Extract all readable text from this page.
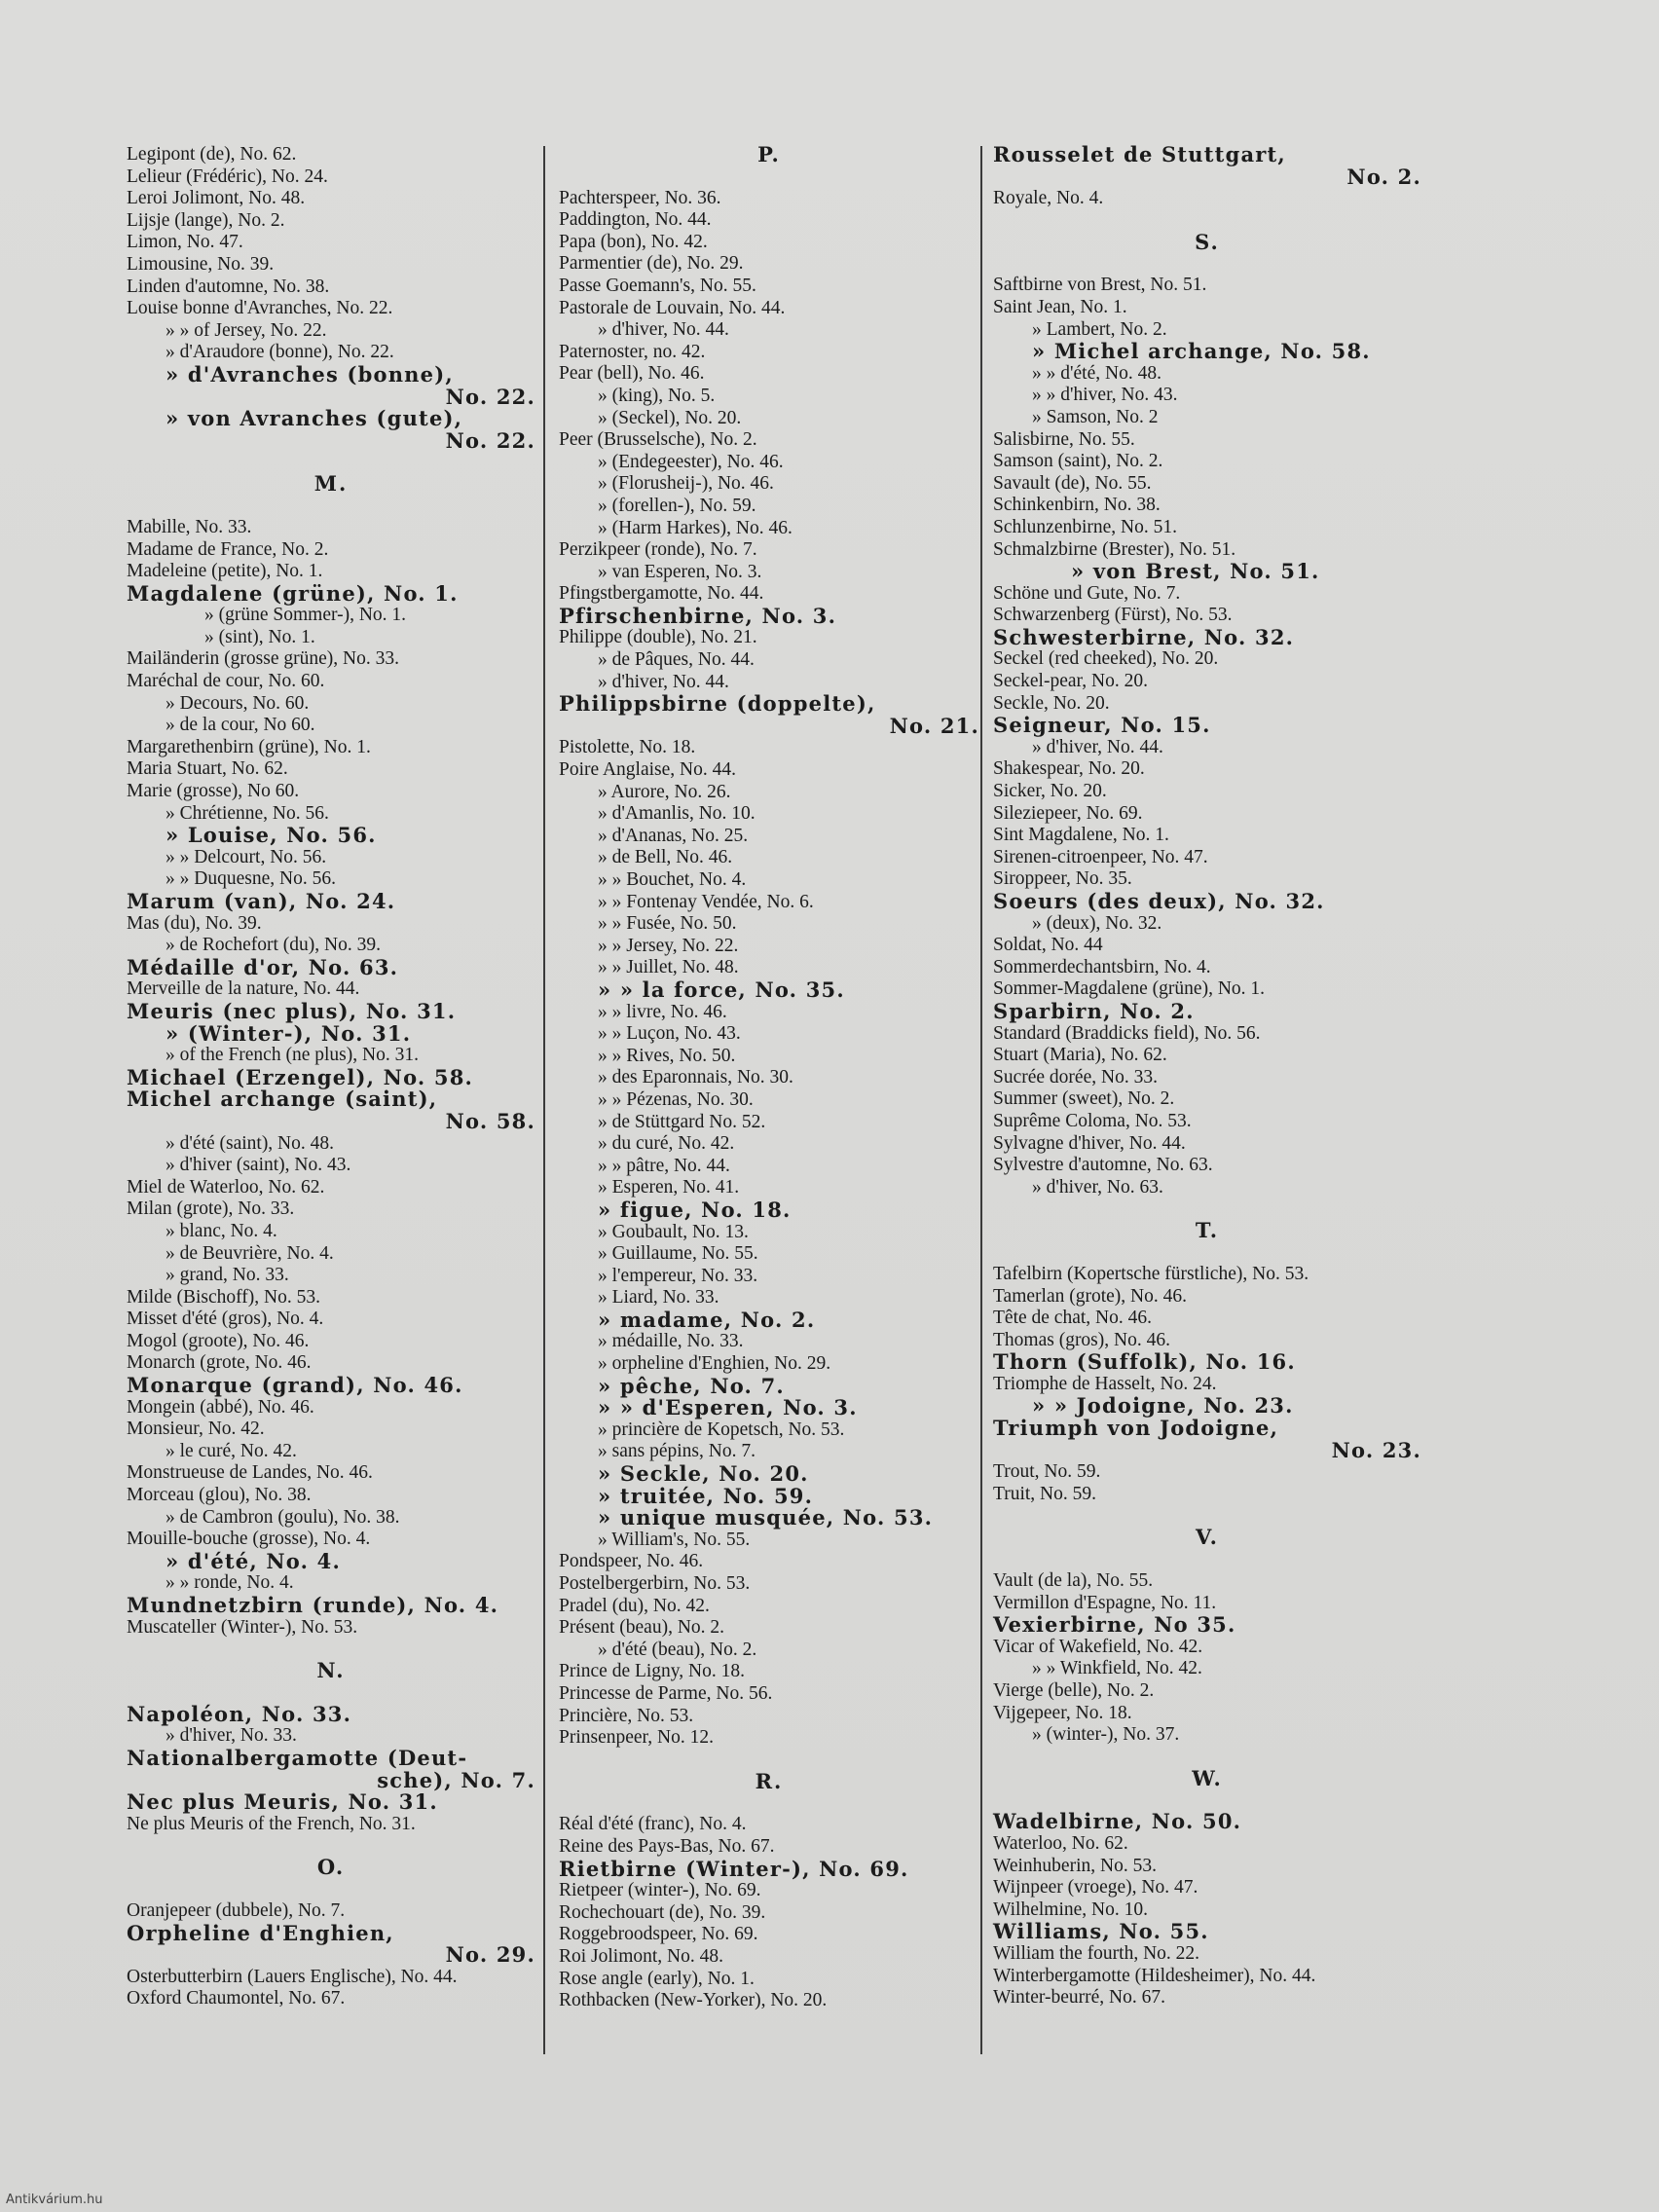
Legipont (de), No. 62.
Lelieur (Frédéric), No. 24.
Leroi Jolimont, No. 48.
Lijsje (lange), No. 2.
Limon, No. 47.
Limousine, No. 39.
Linden d'automne, No. 38.
Louise bonne d'Avranches, No. 22.
» » of Jersey, No. 22.
» d'Araudore (bonne), No. 22.
» d'Avranches (bonne),
No. 22.
» von Avranches (gute),
No. 22.
M.
Mabille, No. 33.
Madame de France, No. 2.
Madeleine (petite), No. 1.
Magdalene (grüne), No. 1.
» (grüne Sommer-), No. 1.
» (sint), No. 1.
Mailänderin (grosse grüne), No. 33.
Maréchal de cour, No. 60.
» Decours, No. 60.
» de la cour, No 60.
Margarethenbirn (grüne), No. 1.
Maria Stuart, No. 62.
Marie (grosse), No 60.
» Chrétienne, No. 56.
» Louise, No. 56.
» » Delcourt, No. 56.
» » Duquesne, No. 56.
Marum (van), No. 24.
Mas (du), No. 39.
» de Rochefort (du), No. 39.
Médaille d'or, No. 63.
Merveille de la nature, No. 44.
Meuris (nec plus), No. 31.
» (Winter-), No. 31.
» of the French (ne plus), No. 31.
Michael (Erzengel), No. 58.
Michel archange (saint),
No. 58.
» d'été (saint), No. 48.
» d'hiver (saint), No. 43.
Miel de Waterloo, No. 62.
Milan (grote), No. 33.
» blanc, No. 4.
» de Beuvrière, No. 4.
» grand, No. 33.
Milde (Bischoff), No. 53.
Misset d'été (gros), No. 4.
Mogol (groote), No. 46.
Monarch (grote, No. 46.
Monarque (grand), No. 46.
Mongein (abbé), No. 46.
Monsieur, No. 42.
» le curé, No. 42.
Monstrueuse de Landes, No. 46.
Morceau (glou), No. 38.
» de Cambron (goulu), No. 38.
Mouille-bouche (grosse), No. 4.
» d'été, No. 4.
» » ronde, No. 4.
Mundnetzbirn (runde), No. 4.
Muscateller (Winter-), No. 53.
N.
Napoléon, No. 33.
» d'hiver, No. 33.
Nationalbergamotte (Deut-
sche), No. 7.
Nec plus Meuris, No. 31.
Ne plus Meuris of the French, No. 31.
O.
Oranjepeer (dubbele), No. 7.
Orpheline d'Enghien,
No. 29.
Osterbutterbirn (Lauers Englische), No. 44.
Oxford Chaumontel, No. 67.
P.
Pachterspeer, No. 36.
Paddington, No. 44.
Papa (bon), No. 42.
Parmentier (de), No. 29.
Passe Goemann's, No. 55.
Pastorale de Louvain, No. 44.
» d'hiver, No. 44.
Paternoster, no. 42.
Pear (bell), No. 46.
» (king), No. 5.
» (Seckel), No. 20.
Peer (Brusselsche), No. 2.
» (Endegeester), No. 46.
» (Florusheij-), No. 46.
» (forellen-), No. 59.
» (Harm Harkes), No. 46.
Perzikpeer (ronde), No. 7.
» van Esperen, No. 3.
Pfingstbergamotte, No. 44.
Pfirschenbirne, No. 3.
Philippe (double), No. 21.
» de Pâques, No. 44.
» d'hiver, No. 44.
Philippsbirne (doppelte),
No. 21.
Pistolette, No. 18.
Poire Anglaise, No. 44.
» Aurore, No. 26.
» d'Amanlis, No. 10.
» d'Ananas, No. 25.
» de Bell, No. 46.
» » Bouchet, No. 4.
» » Fontenay Vendée, No. 6.
» » Fusée, No. 50.
» » Jersey, No. 22.
» » Juillet, No. 48.
» » la force, No. 35.
» » livre, No. 46.
» » Luçon, No. 43.
» » Rives, No. 50.
» des Eparonnais, No. 30.
» » Pézenas, No. 30.
» de Stüttgard No. 52.
» du curé, No. 42.
» » pâtre, No. 44.
» Esperen, No. 41.
» figue, No. 18.
» Goubault, No. 13.
» Guillaume, No. 55.
» l'empereur, No. 33.
» Liard, No. 33.
» madame, No. 2.
» médaille, No. 33.
» orpheline d'Enghien, No. 29.
» pêche, No. 7.
» » d'Esperen, No. 3.
» princière de Kopetsch, No. 53.
» sans pépins, No. 7.
» Seckle, No. 20.
» truitée, No. 59.
» unique musquée, No. 53.
» William's, No. 55.
Pondspeer, No. 46.
Postelbergerbirn, No. 53.
Pradel (du), No. 42.
Présent (beau), No. 2.
» d'été (beau), No. 2.
Prince de Ligny, No. 18.
Princesse de Parme, No. 56.
Princière, No. 53.
Prinsenpeer, No. 12.
R.
Réal d'été (franc), No. 4.
Reine des Pays-Bas, No. 67.
Rietbirne (Winter-), No. 69.
Rietpeer (winter-), No. 69.
Rochechouart (de), No. 39.
Roggebroodspeer, No. 69.
Roi Jolimont, No. 48.
Rose angle (early), No. 1.
Rothbacken (New-Yorker), No. 20.
Rousselet de Stuttgart,
No. 2.
Royale, No. 4.
S.
Saftbirne von Brest, No. 51.
Saint Jean, No. 1.
» Lambert, No. 2.
» Michel archange, No. 58.
» » d'été, No. 48.
» » d'hiver, No. 43.
» Samson, No. 2
Salisbirne, No. 55.
Samson (saint), No. 2.
Savault (de), No. 55.
Schinkenbirn, No. 38.
Schlunzenbirne, No. 51.
Schmalzbirne (Brester), No. 51.
» von Brest, No. 51.
Schöne und Gute, No. 7.
Schwarzenberg (Fürst), No. 53.
Schwesterbirne, No. 32.
Seckel (red cheeked), No. 20.
Seckel-pear, No. 20.
Seckle, No. 20.
Seigneur, No. 15.
» d'hiver, No. 44.
Shakespear, No. 20.
Sicker, No. 20.
Sileziepeer, No. 69.
Sint Magdalene, No. 1.
Sirenen-citroenpeer, No. 47.
Siroppeer, No. 35.
Soeurs (des deux), No. 32.
» (deux), No. 32.
Soldat, No. 44
Sommerdechantsbirn, No. 4.
Sommer-Magdalene (grüne), No. 1.
Sparbirn, No. 2.
Standard (Braddicks field), No. 56.
Stuart (Maria), No. 62.
Sucrée dorée, No. 33.
Summer (sweet), No. 2.
Suprême Coloma, No. 53.
Sylvagne d'hiver, No. 44.
Sylvestre d'automne, No. 63.
» d'hiver, No. 63.
T.
Tafelbirn (Kopertsche fürstliche), No. 53.
Tamerlan (grote), No. 46.
Tête de chat, No. 46.
Thomas (gros), No. 46.
Thorn (Suffolk), No. 16.
Triomphe de Hasselt, No. 24.
» » Jodoigne, No. 23.
Triumph von Jodoigne,
No. 23.
Trout, No. 59.
Truit, No. 59.
V.
Vault (de la), No. 55.
Vermillon d'Espagne, No. 11.
Vexierbirne, No 35.
Vicar of Wakefield, No. 42.
» » Winkfield, No. 42.
Vierge (belle), No. 2.
Vijgepeer, No. 18.
» (winter-), No. 37.
W.
Wadelbirne, No. 50.
Waterloo, No. 62.
Weinhuberin, No. 53.
Wijnpeer (vroege), No. 47.
Wilhelmine, No. 10.
Williams, No. 55.
William the fourth, No. 22.
Winterbergamotte (Hildesheimer), No. 44.
Winter-beurré, No. 67.
Antikvárium.hu
